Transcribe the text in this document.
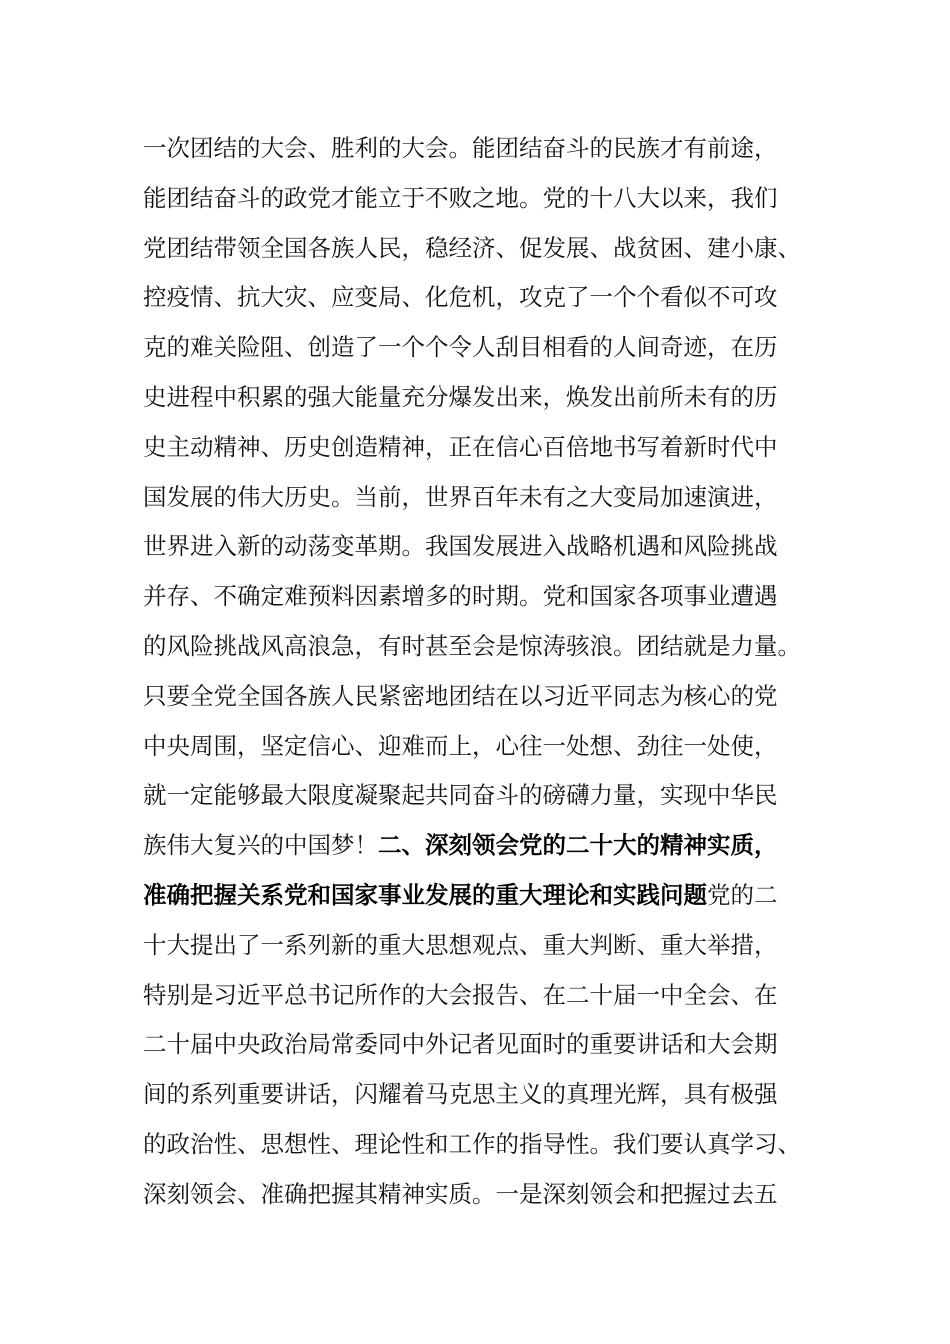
一次团结的大会、胜利的大会。能团结奋斗的民族才有前途，
能团结奋斗的政党才能立于不败之地。党的十八大以来，我们
党团结带领全国各族人民，稳经济、促发展、战贫困、建小康、
控疫情、抗大灾、应变局、化危机，攻克了一个个看似不可攻
克的难关险阻、创造了一个个令人刮目相看的人间奇迹，在历
史进程中积累的强大能量充分爆发出来，焕发出前所未有的历
史主动精神、历史创造精神，正在信心百倍地书写着新时代中
国发展的伟大历史。当前，世界百年未有之大变局加速演进，
世界进入新的动荡变革期。我国发展进入战略机遇和风险挑战
并存、不确定难预料因素增多的时期。党和国家各项事业遭遇
的风险挑战风高浪急，有时甚至会是惊涛骇浪。团结就是力量。
只要全党全国各族人民紧密地团结在以习近平同志为核心的党
中央周围，坚定信心、迎难而上，心往一处想、劲往一处使，
就一定能够最大限度凝聚起共同奋斗的磅礴力量，实现中华民
族伟大复兴的中国梦！二、深刻领会党的二十大的精神实质，
准确把握关系党和国家事业发展的重大理论和实践问题党的二
十大提出了一系列新的重大思想观点、重大判断、重大举措，
特别是习近平总书记所作的大会报告、在二十届一中全会、在
二十届中央政治局常委同中外记者见面时的重要讲话和大会期
间的系列重要讲话，闪耀着马克思主义的真理光辉，具有极强
的政治性、思想性、理论性和工作的指导性。我们要认真学习、
深刻领会、准确把握其精神实质。一是深刻领会和把握过去五
